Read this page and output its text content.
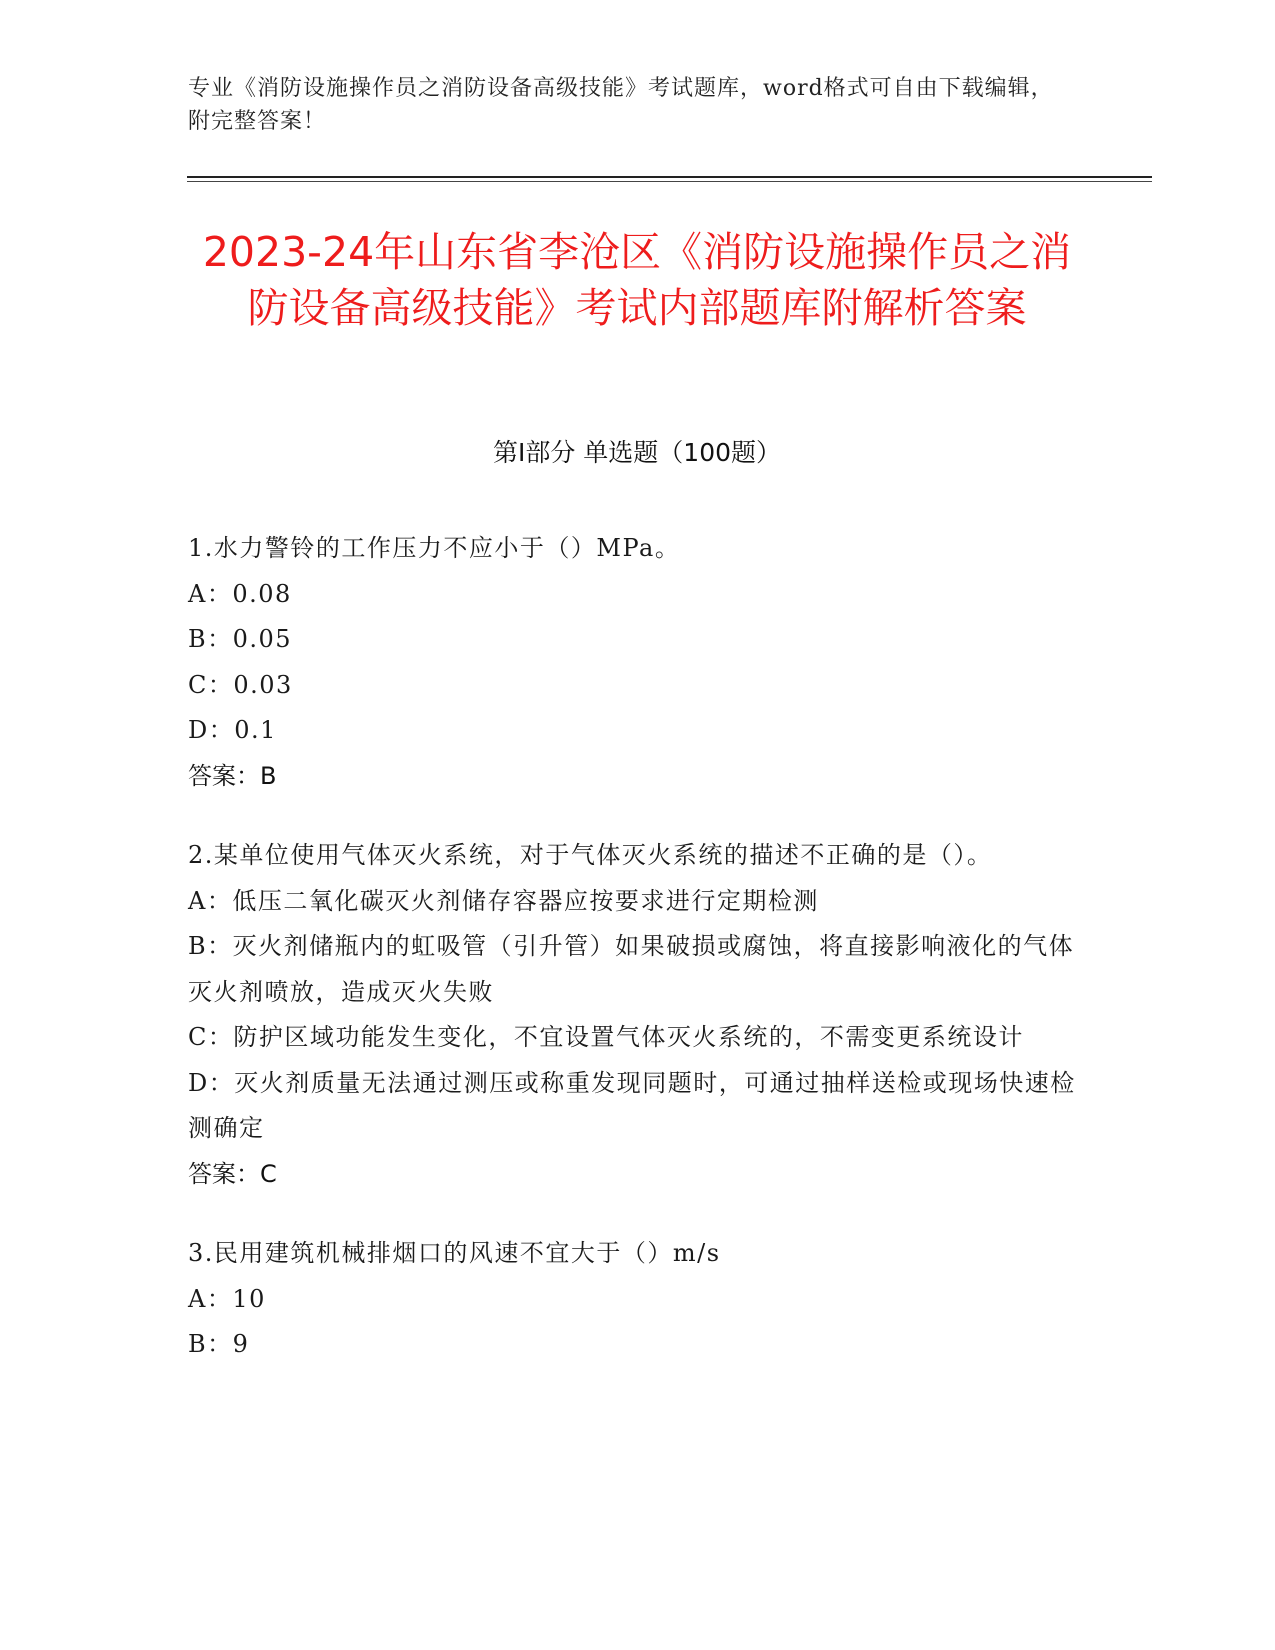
专业《消防设施操作员之消防设备高级技能》考试题库，word格式可自由下载编辑，附完整答案！
2023-24年山东省李沧区《消防设施操作员之消防设备高级技能》考试内部题库附解析答案
第I部分 单选题（100题）
1.水力警铃的工作压力不应小于（）MPa。
A：0.08
B：0.05
C：0.03
D：0.1
答案：B
2.某单位使用气体灭火系统，对于气体灭火系统的描述不正确的是（）。
A：低压二氧化碳灭火剂储存容器应按要求进行定期检测
B：灭火剂储瓶内的虹吸管（引升管）如果破损或腐蚀，将直接影响液化的气体灭火剂喷放，造成灭火失败
C：防护区域功能发生变化，不宜设置气体灭火系统的，不需变更系统设计
D：灭火剂质量无法通过测压或称重发现同题时，可通过抽样送检或现场快速检测确定
答案：C
3.民用建筑机械排烟口的风速不宜大于（）m/s
A：10
B：9
